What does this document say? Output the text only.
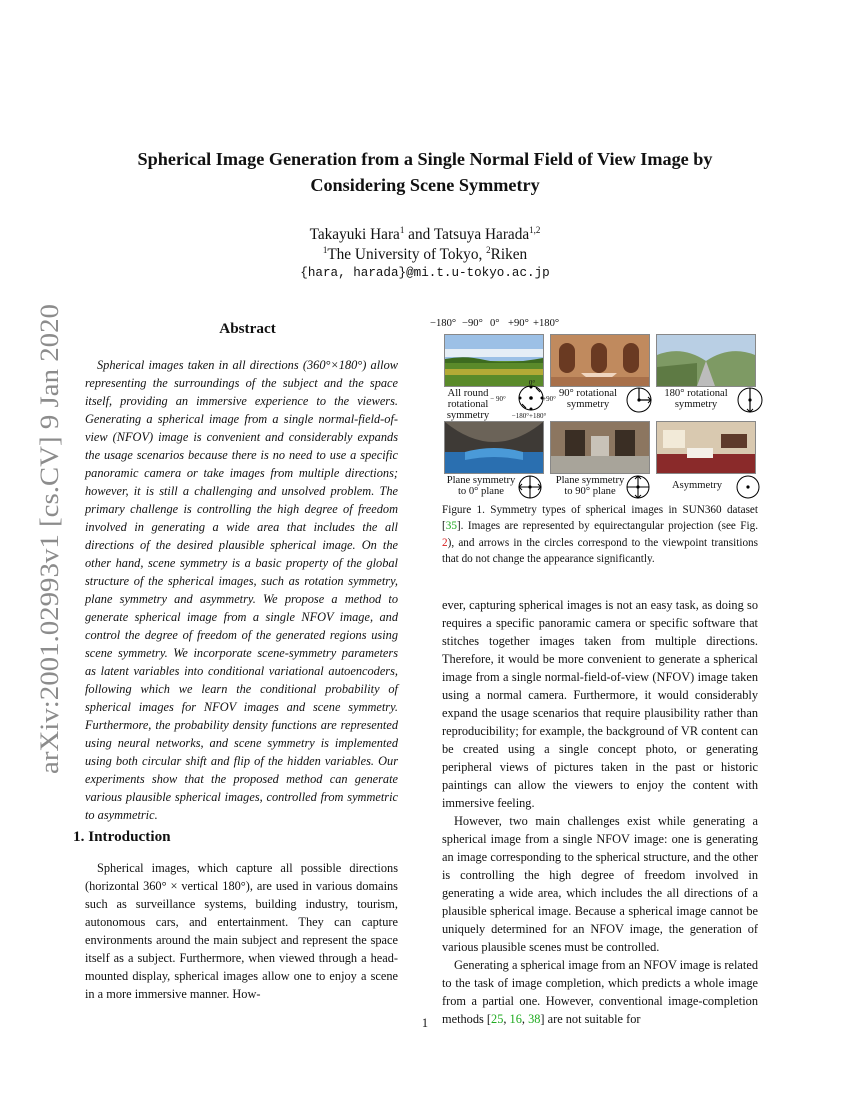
arXiv:2001.02993v1 [cs.CV] 9 Jan 2020
Spherical Image Generation from a Single Normal Field of View Image by
Considering Scene Symmetry
Takayuki Hara$^1$ and Tatsuya Harada$^{1,2}$
$^1$The University of Tokyo, $^2$Riken
{hara, harada}@mi.t.u-tokyo.ac.jp
Abstract
Spherical images taken in all directions (360°×180°) allow representing the surroundings of the subject and the space itself, providing an immersive experience to the viewers. Generating a spherical image from a single normal-field-of-view (NFOV) image is convenient and considerably expands the usage scenarios because there is no need to use a specific panoramic camera or take images from multiple directions; however, it is still a challenging and unsolved problem. The primary challenge is controlling the high degree of freedom involved in generating a wide area that includes the all directions of the desired plausible spherical image. On the other hand, scene symmetry is a basic property of the global structure of the spherical images, such as rotation symmetry, plane symmetry and asymmetry. We propose a method to generate spherical image from a single NFOV image, and control the degree of freedom of the generated regions using scene symmetry. We incorporate scene-symmetry parameters as latent variables into conditional variational autoencoders, following which we learn the conditional probability of spherical images for NFOV images and scene symmetry. Furthermore, the probability density functions are represented using neural networks, and scene symmetry is implemented using both circular shift and flip of the hidden variables. Our experiments show that the proposed method can generate various plausible spherical images, controlled from symmetric to asymmetric.
1. Introduction
Spherical images, which capture all possible directions (horizontal 360° × vertical 180°), are used in various domains such as surveillance systems, building industry, tourism, autonomous cars, and entertainment. They can capture environments around the main subject and represent the space itself as a subject. Furthermore, when viewed through a head-mounted display, spherical images allow one to enjoy a scene in a more immersive manner. How-
−180° −90° 0° +90° +180°
All round rotational symmetry
0°
− 90°	+90°
−180°+180°
90° rotational symmetry
180° rotational symmetry
Plane symmetry to 0° plane
Plane symmetry to 90° plane
Asymmetry
Figure 1. Symmetry types of spherical images in SUN360 dataset [35]. Images are represented by equirectangular projection (see Fig. 2), and arrows in the circles correspond to the viewpoint transitions that do not change the appearance significantly.

ever, capturing spherical images is not an easy task, as doing so requires a specific panoramic camera or specific software that stitches together images taken from multiple directions. Therefore, it would be more convenient to generate a spherical image from a single normal-field-of-view (NFOV) image taken using a normal camera. Furthermore, it would considerably expand the usage scenarios that require plausibility rather than reproducibility; for example, the background of VR content can be created using a single concept photo, or generating peripheral views of pictures taken in the past or historic paintings can allow the viewers to enjoy the content with immersive feeling.

However, two main challenges exist while generating a spherical image from a single NFOV image: one is generating an image corresponding to the spherical structure, and the other is controlling the high degree of freedom involved in generating a wide area, which includes the all directions of a plausible spherical image. Because a spherical image cannot be uniquely determined for an NFOV image, the generation of various plausible scenes must be controlled.

Generating a spherical image from an NFOV image is related to the task of image completion, which predicts a whole image from a partial one. However, conventional image-completion methods [25, 16, 38] are not suitable for

1
